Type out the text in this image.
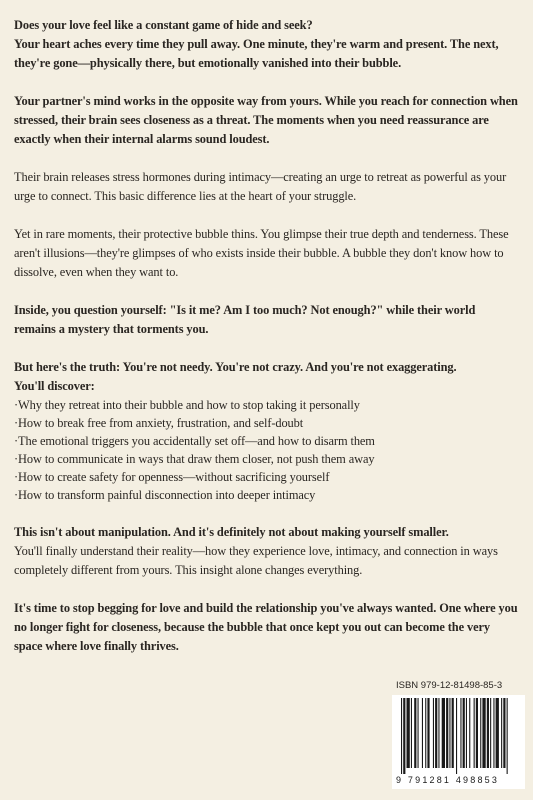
Does your love feel like a constant game of hide and seek?

Your heart aches every time they pull away. One minute, they're warm and present. The next, they're gone—physically there, but emotionally vanished into their bubble.

Your partner's mind works in the opposite way from yours. While you reach for connection when stressed, their brain sees closeness as a threat. The moments when you need reassurance are exactly when their internal alarms sound loudest.

Their brain releases stress hormones during intimacy—creating an urge to retreat as powerful as your urge to connect. This basic difference lies at the heart of your struggle.

Yet in rare moments, their protective bubble thins. You glimpse their true depth and tenderness. These aren't illusions—they're glimpses of who exists inside their bubble. A bubble they don't know how to dissolve, even when they want to.

Inside, you question yourself: "Is it me? Am I too much? Not enough?" while their world remains a mystery that torments you.

But here's the truth: You're not needy. You're not crazy. And you're not exaggerating.

You'll discover:

·Why they retreat into their bubble and how to stop taking it personally
·How to break free from anxiety, frustration, and self-doubt
·The emotional triggers you accidentally set off—and how to disarm them
·How to communicate in ways that draw them closer, not push them away
·How to create safety for openness—without sacrificing yourself
·How to transform painful disconnection into deeper intimacy

This isn't about manipulation. And it's definitely not about making yourself smaller.

You'll finally understand their reality—how they experience love, intimacy, and connection in ways completely different from yours. This insight alone changes everything.

It's time to stop begging for love and build the relationship you've always wanted. One where you no longer fight for closeness, because the bubble that once kept you out can become the very space where love finally thrives.

ISBN 979-12-81498-85-3
9 791281 498853
